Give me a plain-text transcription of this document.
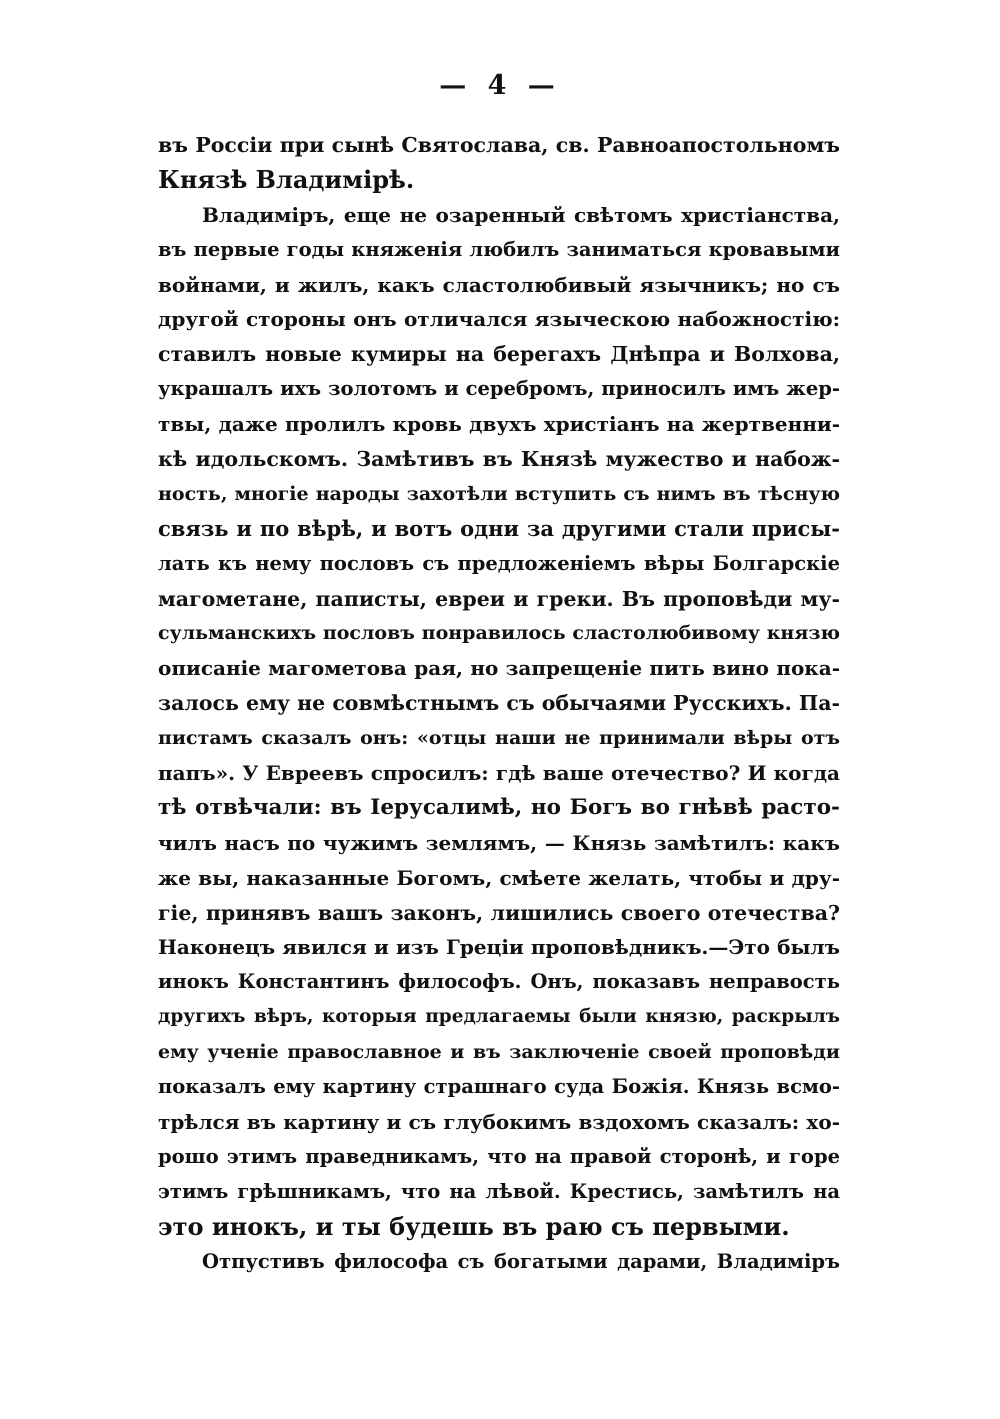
— 4 —
въ Россіи при сынѣ Святослава, св. Равноапостольномъ
Князѣ Владимірѣ.
Владиміръ, еще не озаренный свѣтомъ христіанства,
въ первые годы княженія любилъ заниматься кровавыми
войнами, и жилъ, какъ сластолюбивый язычникъ; но съ
другой стороны онъ отличался языческою набожностію:
ставилъ новые кумиры на берегахъ Днѣпра и Волхова,
украшалъ ихъ золотомъ и серебромъ, приносилъ имъ жер-
твы, даже пролилъ кровь двухъ христіанъ на жертвенни-
кѣ идольскомъ. Замѣтивъ въ Князѣ мужество и набож-
ность, многіе народы захотѣли вступить съ нимъ въ тѣсную
связь и по вѣрѣ, и вотъ одни за другими стали присы-
лать къ нему пословъ съ предложеніемъ вѣры Болгарскіе
магометане, паписты, евреи и греки. Въ проповѣди му-
сульманскихъ пословъ понравилось сластолюбивому князю
описаніе магометова рая, но запрещеніе пить вино пока-
залось ему не совмѣстнымъ съ обычаями Русскихъ. Па-
пистамъ сказалъ онъ: «отцы наши не принимали вѣры отъ
папъ». У Евреевъ спросилъ: гдѣ ваше отечество? И когда
тѣ отвѣчали: въ Іерусалимѣ, но Богъ во гнѣвѣ расто-
чилъ насъ по чужимъ землямъ, — Князь замѣтилъ: какъ
же вы, наказанные Богомъ, смѣете желать, чтобы и дру-
гіе, принявъ вашъ законъ, лишились своего отечества?
Наконецъ явился и изъ Греціи проповѣдникъ.—Это былъ
инокъ Константинъ философъ. Онъ, показавъ неправость
другихъ вѣръ, которыя предлагаемы были князю, раскрылъ
ему ученіе православное и въ заключеніе своей проповѣди
показалъ ему картину страшнаго суда Божія. Князь всмо-
трѣлся въ картину и съ глубокимъ вздохомъ сказалъ: хо-
рошо этимъ праведникамъ, что на правой сторонѣ, и горе
этимъ грѣшникамъ, что на лѣвой. Крестись, замѣтилъ на
это инокъ, и ты будешь въ раю съ первыми.
Отпустивъ философа съ богатыми дарами, Владиміръ
